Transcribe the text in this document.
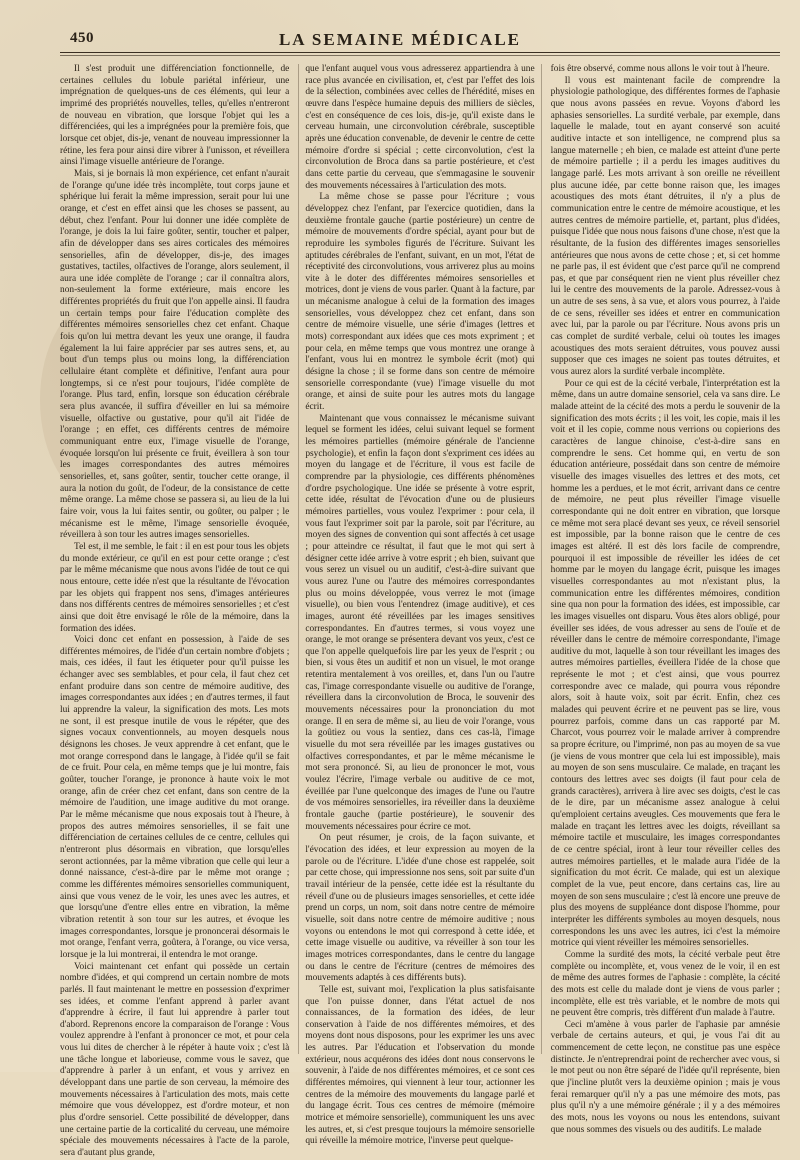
450	LA SEMAINE MÉDICALE

Il s'est produit une différenciation fonctionnelle, de certaines cellules du lobule pariétal inférieur, une imprégnation de quelques-uns de ces éléments, qui leur a imprimé des propriétés nouvelles, telles, qu'elles n'entreront de nouveau en vibration, que lorsque l'objet qui les a différenciées, qui les a imprégnées pour la première fois, que lorsque cet objet, dis-je, venant de nouveau impressionner la rétine, les fera pour ainsi dire vibrer à l'unisson, et réveillera ainsi l'image visuelle antérieure de l'orange.

Mais, si je bornais là mon expérience, cet enfant n'aurait de l'orange qu'une idée très incomplète, tout corps jaune et sphérique lui ferait la même impression, serait pour lui une orange, et c'est en effet ainsi que les choses se passent, au début, chez l'enfant. Pour lui donner une idée complète de l'orange, je dois la lui faire goûter, sentir, toucher et palper, afin de développer dans ses aires corticales des mémoires sensorielles, afin de développer, dis-je, des images gustatives, tactiles, olfactives de l'orange, alors seulement, il aura une idée complète de l'orange ; car il connaîtra alors, non-seulement la forme extérieure, mais encore les différentes propriétés du fruit que l'on appelle ainsi. Il faudra un certain temps pour faire l'éducation complète des différentes mémoires sensorielles chez cet enfant. Chaque fois qu'on lui mettra devant les yeux une orange, il faudra également la lui faire apprécier par ses autres sens, et, au bout d'un temps plus ou moins long, la différenciation cellulaire étant complète et définitive, l'enfant aura pour longtemps, si ce n'est pour toujours, l'idée complète de l'orange. Plus tard, enfin, lorsque son éducation cérébrale sera plus avancée, il suffira d'éveiller en lui sa mémoire visuelle, olfactive ou gustative, pour qu'il ait l'idée de l'orange ; en effet, ces différents centres de mémoire communiquant entre eux, l'image visuelle de l'orange, évoquée lorsqu'on lui présente ce fruit, éveillera à son tour les images correspondantes des autres mémoires sensorielles, et, sans goûter, sentir, toucher cette orange, il aura la notion du goût, de l'odeur, de la consistance de cette même orange. La même chose se passera si, au lieu de la lui faire voir, vous la lui faites sentir, ou goûter, ou palper ; le mécanisme est le même, l'image sensorielle évoquée, réveillera à son tour les autres images sensorielles.

Tel est, il me semble, le fait : il en est pour tous les objets du monde extérieur, ce qu'il en est pour cette orange ; c'est par le même mécanisme que nous avons l'idée de tout ce qui nous entoure, cette idée n'est que la résultante de l'évocation par les objets qui frappent nos sens, d'images antérieures dans nos différents centres de mémoires sensorielles ; et c'est ainsi que doit être envisagé le rôle de la mémoire, dans la formation des idées.

Voici donc cet enfant en possession, à l'aide de ses différentes mémoires, de l'idée d'un certain nombre d'objets ; mais, ces idées, il faut les étiqueter pour qu'il puisse les échanger avec ses semblables, et pour cela, il faut chez cet enfant produire dans son centre de mémoire auditive, des images correspondantes aux idées ; en d'autres termes, il faut lui apprendre la valeur, la signification des mots. Les mots ne sont, il est presque inutile de vous le répéter, que des signes vocaux conventionnels, au moyen desquels nous désignons les choses. Je veux apprendre à cet enfant, que le mot orange correspond dans le langage, à l'idée qu'il se fait de ce fruit. Pour cela, en même temps que je lui montre, fais goûter, toucher l'orange, je prononce à haute voix le mot orange, afin de créer chez cet enfant, dans son centre de la mémoire de l'audition, une image auditive du mot orange. Par le même mécanisme que nous exposais tout à l'heure, à propos des autres mémoires sensorielles, il se fait une différenciation de certaines cellules de ce centre, cellules qui n'entreront plus désormais en vibration, que lorsqu'elles seront actionnées, par la même vibration que celle qui leur a donné naissance, c'est-à-dire par le même mot orange ; comme les différentes mémoires sensorielles communiquent, ainsi que vous venez de le voir, les unes avec les autres, et que lorsqu'une d'entre elles entre en vibration, la même vibration retentit à son tour sur les autres, et évoque les images correspondantes, lorsque je prononcerai désormais le mot orange, l'enfant verra, goûtera, à l'orange, ou vice versa, lorsque je la lui montrerai, il entendra le mot orange.

Voici maintenant cet enfant qui possède un certain nombre d'idées, et qui comprend un certain nombre de mots parlés. Il faut maintenant le mettre en possession d'exprimer ses idées, et comme l'enfant apprend à parler avant d'apprendre à écrire, il faut lui apprendre à parler tout d'abord. Reprenons encore la comparaison de l'orange : Vous voulez apprendre à l'enfant à prononcer ce mot, et pour cela vous lui dites de chercher à le répéter à haute voix ; c'est là une tâche longue et laborieuse, comme vous le savez, que d'apprendre à parler à un enfant, et vous y arrivez en développant dans une partie de son cerveau, la mémoire des mouvements nécessaires à l'articulation des mots, mais cette mémoire que vous développez, est d'ordre moteur, et non plus d'ordre sensoriel. Cette possibilité de développer, dans une certaine partie de la corticalité du cerveau, une mémoire spéciale des mouvements nécessaires à l'acte de la parole, sera d'autant plus grande,

que l'enfant auquel vous vous adresserez appartiendra à une race plus avancée en civilisation, et, c'est par l'effet des lois de la sélection, combinées avec celles de l'hérédité, mises en œuvre dans l'espèce humaine depuis des milliers de siècles, c'est en conséquence de ces lois, dis-je, qu'il existe dans le cerveau humain, une circonvolution cérébrale, susceptible après une éducation convenable, de devenir le centre de cette mémoire d'ordre si spécial ; cette circonvolution, c'est la circonvolution de Broca dans sa partie postérieure, et c'est dans cette partie du cerveau, que s'emmagasine le souvenir des mouvements nécessaires à l'articulation des mots.

La même chose se passe pour l'écriture ; vous développez chez l'enfant, par l'exercice quotidien, dans la deuxième frontale gauche (partie postérieure) un centre de mémoire de mouvements d'ordre spécial, ayant pour but de reproduire les symboles figurés de l'écriture. Suivant les aptitudes cérébrales de l'enfant, suivant, en un mot, l'état de réceptivité des circonvolutions, vous arriverez plus au moins vite à le doter des différentes mémoires sensorielles et motrices, dont je viens de vous parler. Quant à la facture, par un mécanisme analogue à celui de la formation des images sensorielles, vous développez chez cet enfant, dans son centre de mémoire visuelle, une série d'images (lettres et mots) correspondant aux idées que ces mots expriment ; et pour cela, en même temps que vous montrez une orange à l'enfant, vous lui en montrez le symbole écrit (mot) qui désigne la chose ; il se forme dans son centre de mémoire sensorielle correspondante (vue) l'image visuelle du mot orange, et ainsi de suite pour les autres mots du langage écrit.

Maintenant que vous connaissez le mécanisme suivant lequel se forment les idées, celui suivant lequel se forment les mémoires partielles (mémoire générale de l'ancienne psychologie), et enfin la façon dont s'expriment ces idées au moyen du langage et de l'écriture, il vous est facile de comprendre par la physiologie, ces différents phénomènes d'ordre psychologique. Une idée se présente à votre esprit, cette idée, résultat de l'évocation d'une ou de plusieurs mémoires partielles, vous voulez l'exprimer : pour cela, il vous faut l'exprimer soit par la parole, soit par l'écriture, au moyen des signes de convention qui sont affectés à cet usage ; pour atteindre ce résultat, il faut que le mot qui sert à désigner cette idée arrive à votre esprit ; eh bien, suivant que vous serez un visuel ou un auditif, c'est-à-dire suivant que vous aurez l'une ou l'autre des mémoires correspondantes plus ou moins développée, vous verrez le mot (image visuelle), ou bien vous l'entendrez (image auditive), et ces images, auront été réveillées par les images sensitives correspondantes. En d'autres termes, si vous voyez une orange, le mot orange se présentera devant vos yeux, c'est ce que l'on appelle quelquefois lire par les yeux de l'esprit ; ou bien, si vous êtes un auditif et non un visuel, le mot orange retentira mentalement à vos oreilles, et, dans l'un ou l'autre cas, l'image correspondante visuelle ou auditive de l'orange, réveillera dans la circonvolution de Broca, le souvenir des mouvements nécessaires pour la prononciation du mot orange. Il en sera de même si, au lieu de voir l'orange, vous la goûtiez ou vous la sentiez, dans ces cas-là, l'image visuelle du mot sera réveillée par les images gustatives ou olfactives correspondantes, et par le même mécanisme le mot sera prononcé. Si, au lieu de prononcer le mot, vous voulez l'écrire, l'image verbale ou auditive de ce mot, éveillée par l'une quelconque des images de l'une ou l'autre de vos mémoires sensorielles, ira réveiller dans la deuxième frontale gauche (partie postérieure), le souvenir des mouvements nécessaires pour écrire ce mot.

On peut résumer, je crois, de la façon suivante, et l'évocation des idées, et leur expression au moyen de la parole ou de l'écriture. L'idée d'une chose est rappelée, soit par cette chose, qui impressionne nos sens, soit par suite d'un travail intérieur de la pensée, cette idée est la résultante du réveil d'une ou de plusieurs images sensorielles, et cette idée prend un corps, un nom, soit dans notre centre de mémoire visuelle, soit dans notre centre de mémoire auditive ; nous voyons ou entendons le mot qui correspond à cette idée, et cette image visuelle ou auditive, va réveiller à son tour les images motrices correspondantes, dans le centre du langage ou dans le centre de l'écriture (centres de mémoires des mouvements adaptés à ces différents buts).

Telle est, suivant moi, l'explication la plus satisfaisante que l'on puisse donner, dans l'état actuel de nos connaissances, de la formation des idées, de leur conservation à l'aide de nos différentes mémoires, et des moyens dont nous disposons, pour les exprimer les uns avec les autres. Par l'éducation et l'observation du monde extérieur, nous acquérons des idées dont nous conservons le souvenir, à l'aide de nos différentes mémoires, et ce sont ces différentes mémoires, qui viennent à leur tour, actionner les centres de la mémoire des mouvements du langage parlé et du langage écrit. Tous ces centres de mémoire (mémoire motrice et mémoire sensorielle), communiquent les uns avec les autres, et, si c'est presque toujours la mémoire sensorielle qui réveille la mémoire motrice, l'inverse peut quelque-

fois être observé, comme nous allons le voir tout à l'heure.

Il vous est maintenant facile de comprendre la physiologie pathologique, des différentes formes de l'aphasie que nous avons passées en revue. Voyons d'abord les aphasies sensorielles. La surdité verbale, par exemple, dans laquelle le malade, tout en ayant conservé son acuité auditive intacte et son intelligence, ne comprend plus sa langue maternelle ; eh bien, ce malade est atteint d'une perte de mémoire partielle ; il a perdu les images auditives du langage parlé. Les mots arrivant à son oreille ne réveillent plus aucune idée, par cette bonne raison que, les images acoustiques des mots étant détruites, il n'y a plus de communication entre le centre de mémoire acoustique, et les autres centres de mémoire partielle, et, partant, plus d'idées, puisque l'idée que nous nous faisons d'une chose, n'est que la résultante, de la fusion des différentes images sensorielles antérieures que nous avons de cette chose ; et, si cet homme ne parle pas, il est évident que c'est parce qu'il ne comprend pas, et que par conséquent rien ne vient plus réveiller chez lui le centre des mouvements de la parole. Adressez-vous à un autre de ses sens, à sa vue, et alors vous pourrez, à l'aide de ce sens, réveiller ses idées et entrer en communication avec lui, par la parole ou par l'écriture. Nous avons pris un cas complet de surdité verbale, celui où toutes les images acoustiques des mots seraient détruites, vous pouvez aussi supposer que ces images ne soient pas toutes détruites, et vous aurez alors la surdité verbale incomplète.

Pour ce qui est de la cécité verbale, l'interprétation est la même, dans un autre domaine sensoriel, cela va sans dire. Le malade atteint de la cécité des mots a perdu le souvenir de la signification des mots écrits ; il les voit, les copie, mais il les voit et il les copie, comme nous verrions ou copierions des caractères de langue chinoise, c'est-à-dire sans en comprendre le sens. Cet homme qui, en vertu de son éducation antérieure, possédait dans son centre de mémoire visuelle des images visuelles des lettres et des mots, cet homme les a perdues, et le mot écrit, arrivant dans ce centre de mémoire, ne peut plus réveiller l'image visuelle correspondante qui ne doit entrer en vibration, que lorsque ce même mot sera placé devant ses yeux, ce réveil sensoriel est impossible, par la bonne raison que le centre de ces images est altéré. Il est dès lors facile de comprendre, pourquoi il est impossible de réveiller les idées de cet homme par le moyen du langage écrit, puisque les images visuelles correspondantes au mot n'existant plus, la communication entre les différentes mémoires, condition sine qua non pour la formation des idées, est impossible, car les images visuelles ont disparu. Vous êtes alors obligé, pour éveiller ses idées, de vous adresser au sens de l'ouïe et de réveiller dans le centre de mémoire correspondante, l'image auditive du mot, laquelle à son tour réveillant les images des autres mémoires partielles, éveillera l'idée de la chose que représente le mot ; et c'est ainsi, que vous pourrez correspondre avec ce malade, qui pourra vous répondre alors, soit à haute voix, soit par écrit. Enfin, chez ces malades qui peuvent écrire et ne peuvent pas se lire, vous pourrez parfois, comme dans un cas rapporté par M. Charcot, vous pourrez voir le malade arriver à comprendre sa propre écriture, ou l'imprimé, non pas au moyen de sa vue (je viens de vous montrer que cela lui est impossible), mais au moyen de son sens musculaire. Ce malade, en traçant les contours des lettres avec ses doigts (il faut pour cela de grands caractères), arrivera à lire avec ses doigts, c'est le cas de le dire, par un mécanisme assez analogue à celui qu'emploient certains aveugles. Ces mouvements que fera le malade en traçant les lettres avec les doigts, réveillant sa mémoire tactile et musculaire, les images correspondantes de ce centre spécial, iront à leur tour réveiller celles des autres mémoires partielles, et le malade aura l'idée de la signification du mot écrit. Ce malade, qui est un alexique complet de la vue, peut encore, dans certains cas, lire au moyen de son sens musculaire ; c'est là encore une preuve de plus des moyens de suppléance dont dispose l'homme, pour interpréter les différents symboles au moyen desquels, nous correspondons les uns avec les autres, ici c'est la mémoire motrice qui vient réveiller les mémoires sensorielles.

Comme la surdité des mots, la cécité verbale peut être complète ou incomplète, et, vous venez de le voir, il en est de même des autres formes de l'aphasie : complète, la cécité des mots est celle du malade dont je viens de vous parler ; incomplète, elle est très variable, et le nombre de mots qui ne peuvent être compris, très différent d'un malade à l'autre.

Ceci m'amène à vous parler de l'aphasie par amnésie verbale de certains auteurs, et qui, je vous l'ai dit au commencement de cette leçon, ne constitue pas une espèce distincte. Je n'entreprendrai point de rechercher avec vous, si le mot peut ou non être séparé de l'idée qu'il représente, bien que j'incline plutôt vers la deuxième opinion ; mais je vous ferai remarquer qu'il n'y a pas une mémoire des mots, pas plus qu'il n'y a une mémoire générale ; il y a des mémoires des mots, nous les voyons ou nous les entendons, suivant que nous sommes des visuels ou des auditifs. Le malade
